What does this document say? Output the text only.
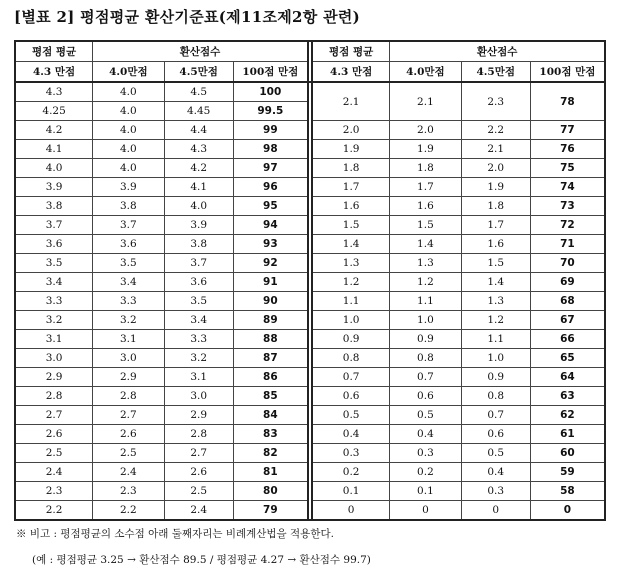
[별표 2] 평점평균 환산기준표(제11조제2항 관련)
평점 평균	환산점수				평점 평균	환산점수		
4.3 만점	4.0만점	4.5만점	100점 만점		4.3 만점	4.0만점	4.5만점	100점 만점
4.3	4.0	4.5	100		2.1	2.1	2.3	78
4.25	4.0	4.45	99.5					
4.2	4.0	4.4	99		2.0	2.0	2.2	77
4.1	4.0	4.3	98		1.9	1.9	2.1	76
4.0	4.0	4.2	97		1.8	1.8	2.0	75
3.9	3.9	4.1	96		1.7	1.7	1.9	74
3.8	3.8	4.0	95		1.6	1.6	1.8	73
3.7	3.7	3.9	94		1.5	1.5	1.7	72
3.6	3.6	3.8	93		1.4	1.4	1.6	71
3.5	3.5	3.7	92		1.3	1.3	1.5	70
3.4	3.4	3.6	91		1.2	1.2	1.4	69
3.3	3.3	3.5	90		1.1	1.1	1.3	68
3.2	3.2	3.4	89		1.0	1.0	1.2	67
3.1	3.1	3.3	88		0.9	0.9	1.1	66
3.0	3.0	3.2	87		0.8	0.8	1.0	65
2.9	2.9	3.1	86		0.7	0.7	0.9	64
2.8	2.8	3.0	85		0.6	0.6	0.8	63
2.7	2.7	2.9	84		0.5	0.5	0.7	62
2.6	2.6	2.8	83		0.4	0.4	0.6	61
2.5	2.5	2.7	82		0.3	0.3	0.5	60
2.4	2.4	2.6	81		0.2	0.2	0.4	59
2.3	2.3	2.5	80		0.1	0.1	0.3	58
2.2	2.2	2.4	79		0	0	0	0
※ 비고 : 평점평균의 소수점 아래 둘째자리는 비례계산법을 적용한다.
(예 : 평점평균 3.25 → 환산점수 89.5 / 평점평균 4.27 → 환산점수 99.7)
